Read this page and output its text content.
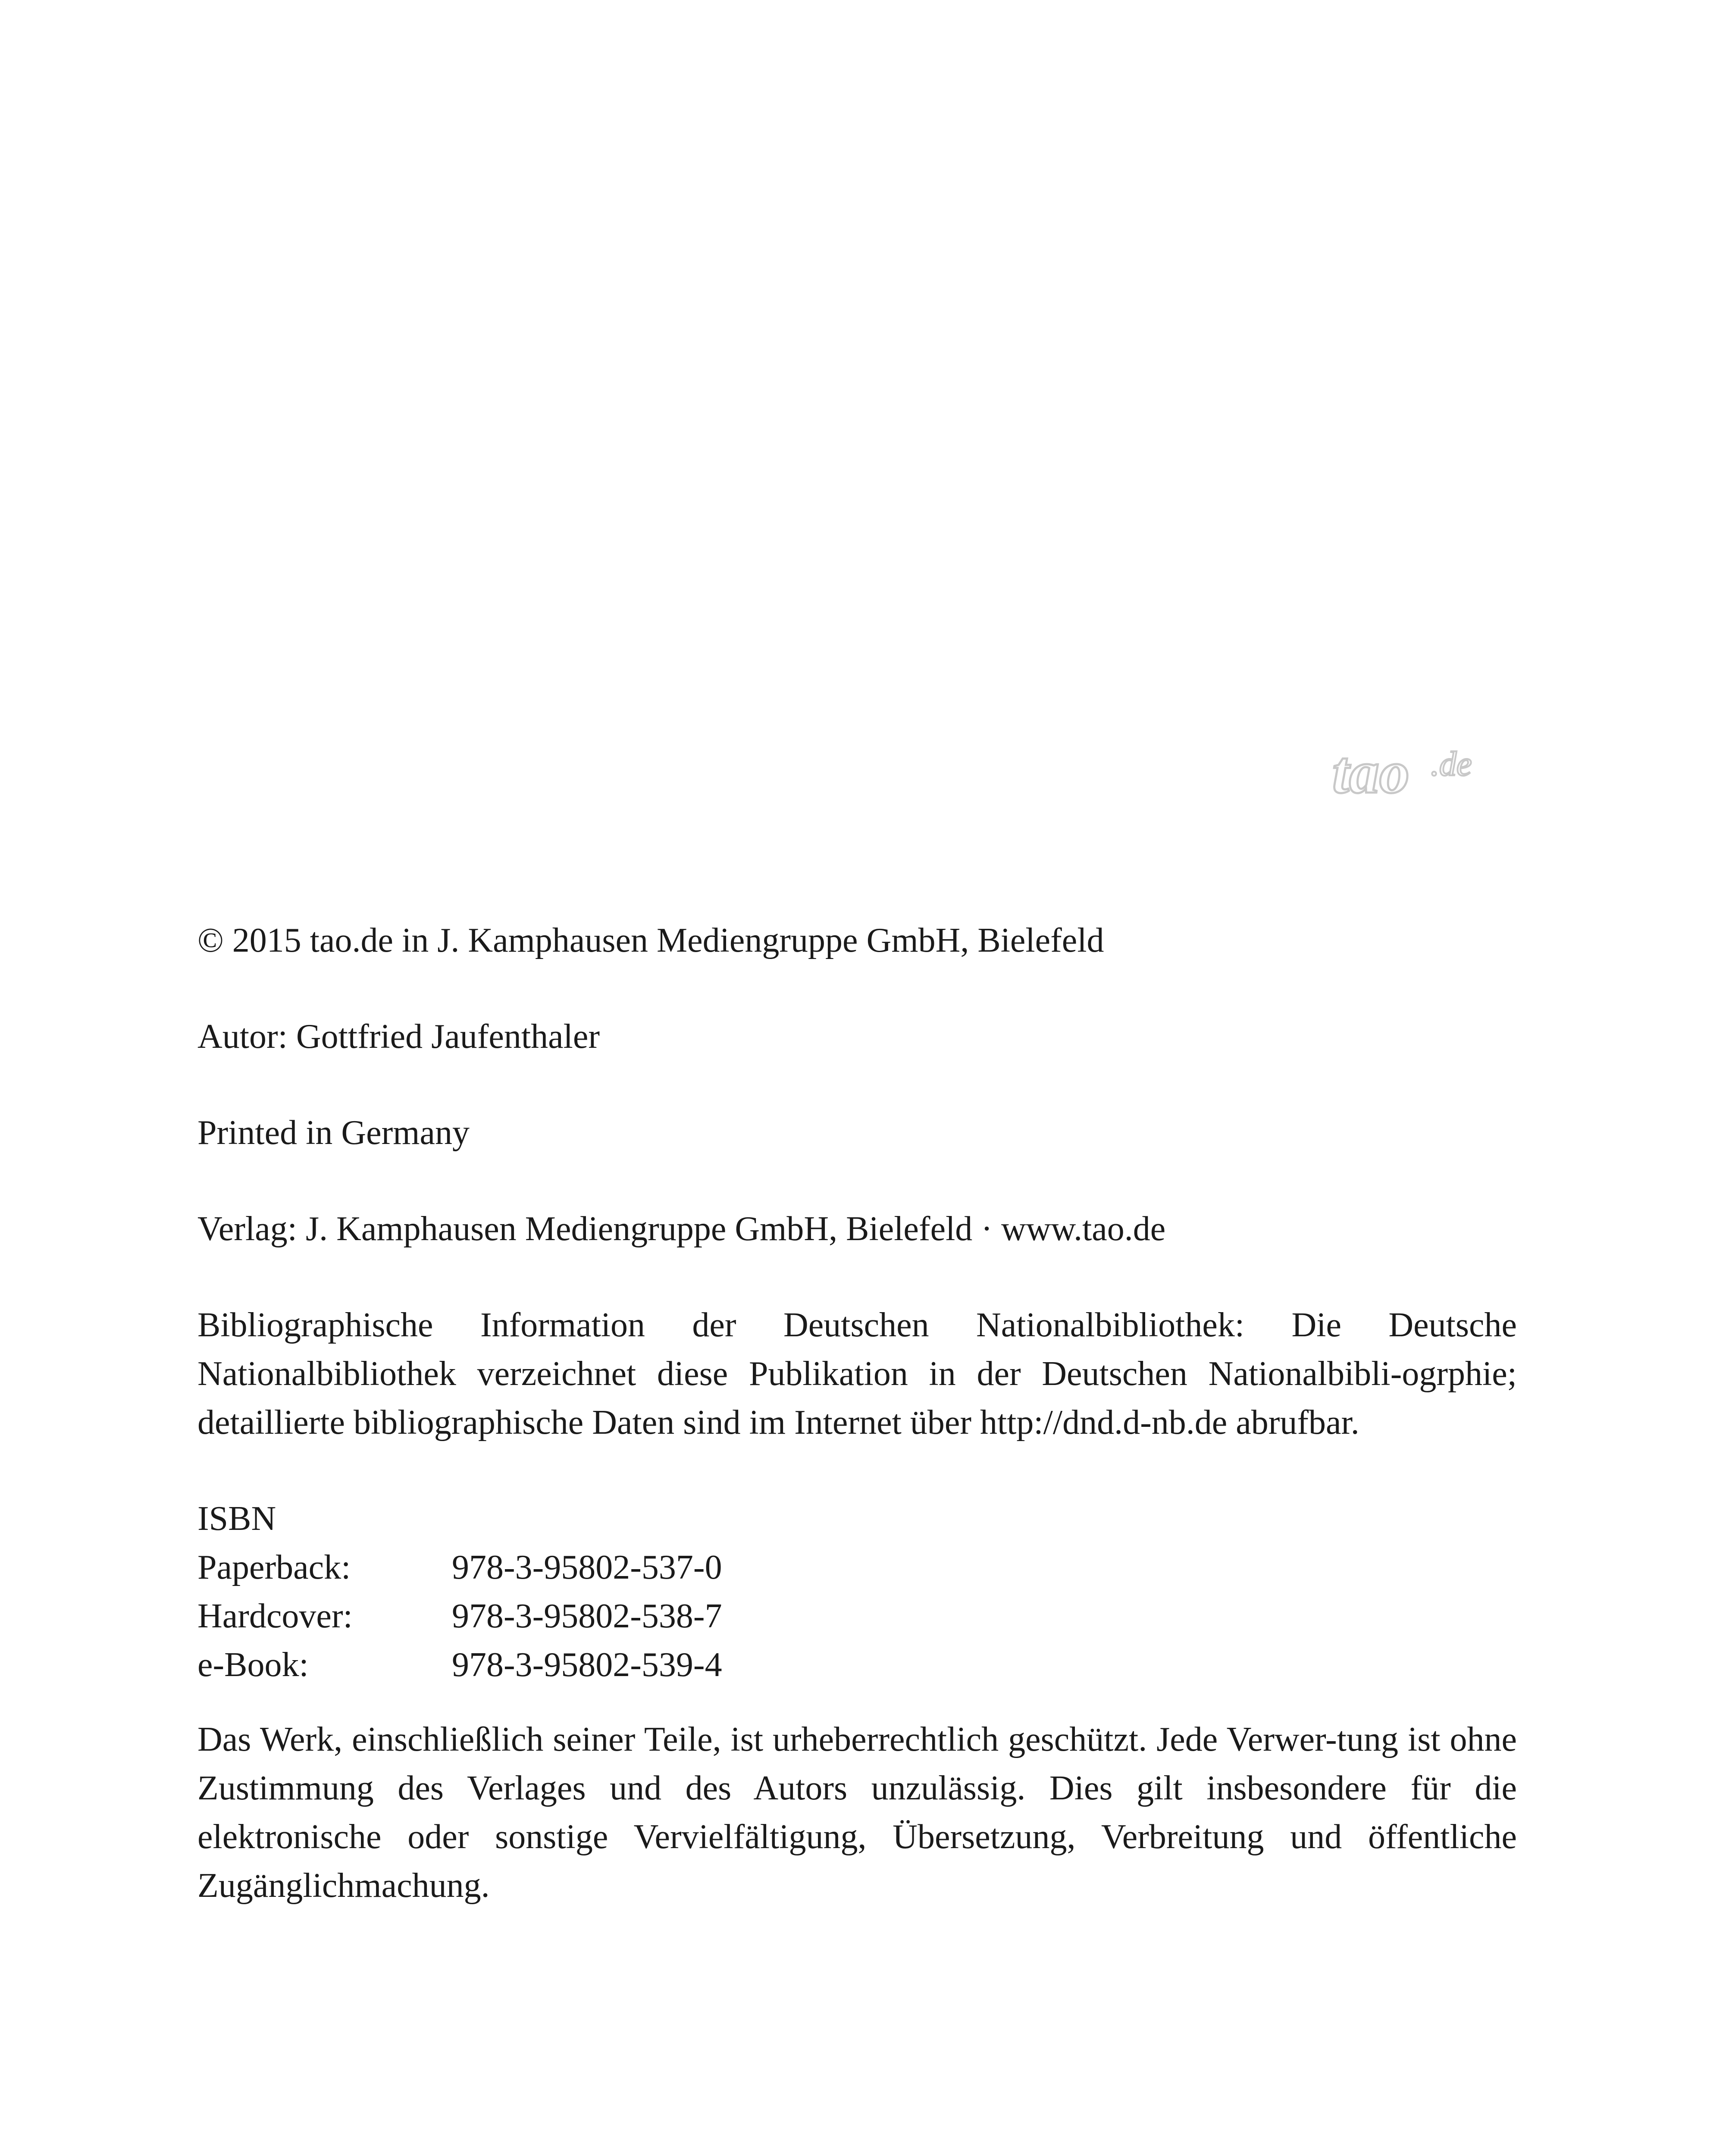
tao .de

© 2015 tao.de in J. Kamphausen Mediengruppe GmbH, Bielefeld

Autor: Gottfried Jaufenthaler

Printed in Germany

Verlag: J. Kamphausen Mediengruppe GmbH, Bielefeld · www.tao.de

Bibliographische Information der Deutschen Nationalbibliothek: Die Deutsche Nationalbibliothek verzeichnet diese Publikation in der Deutschen Nationalbibli-ogrphie; detaillierte bibliographische Daten sind im Internet über http://dnd.d-nb.de abrufbar.

ISBN
Paperback:	978-3-95802-537-0
Hardcover:	978-3-95802-538-7
e-Book:	978-3-95802-539-4

Das Werk, einschließlich seiner Teile, ist urheberrechtlich geschützt. Jede Verwer-tung ist ohne Zustimmung des Verlages und des Autors unzulässig. Dies gilt insbesondere für die elektronische oder sonstige Vervielfältigung, Übersetzung, Verbreitung und öffentliche Zugänglichmachung.
